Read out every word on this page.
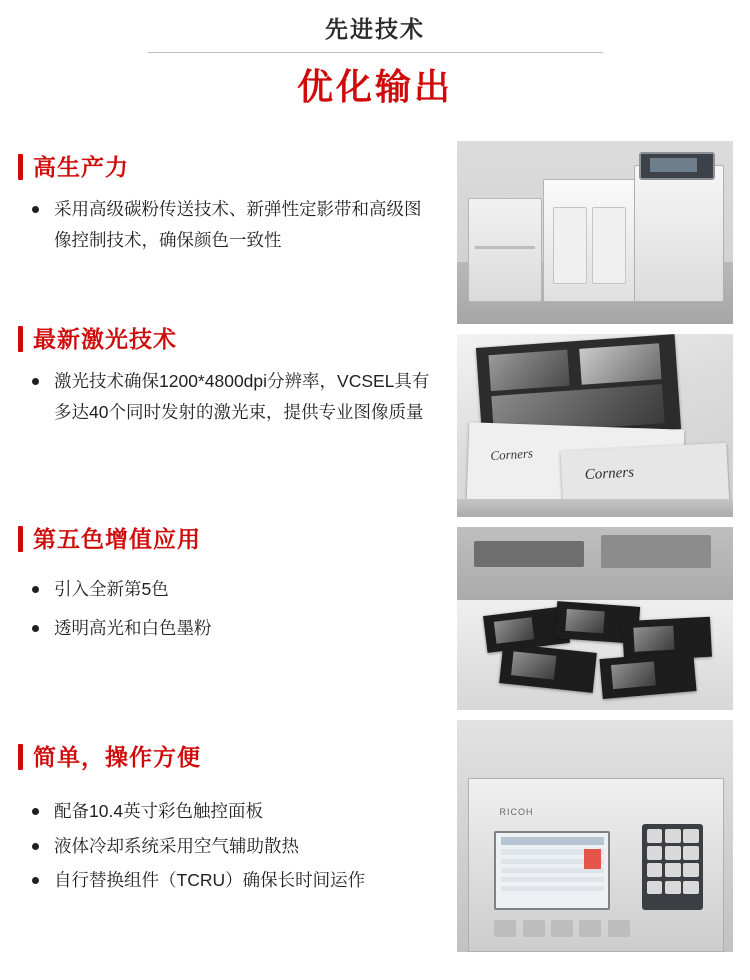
先进技术
优化输出
高生产力
采用高级碳粉传送技术、新弹性定影带和高级图像控制技术，确保颜色一致性
最新激光技术
激光技术确保1200*4800dpi分辨率，VCSEL具有多达40个同时发射的激光束，提供专业图像质量
第五色增值应用
引入全新第5色
透明高光和白色墨粉
简单，操作方便
配备10.4英寸彩色触控面板
液体冷却系统采用空气辅助散热
自行替换组件（TCRU）确保长时间运作
Corners
Corners
RICOH
